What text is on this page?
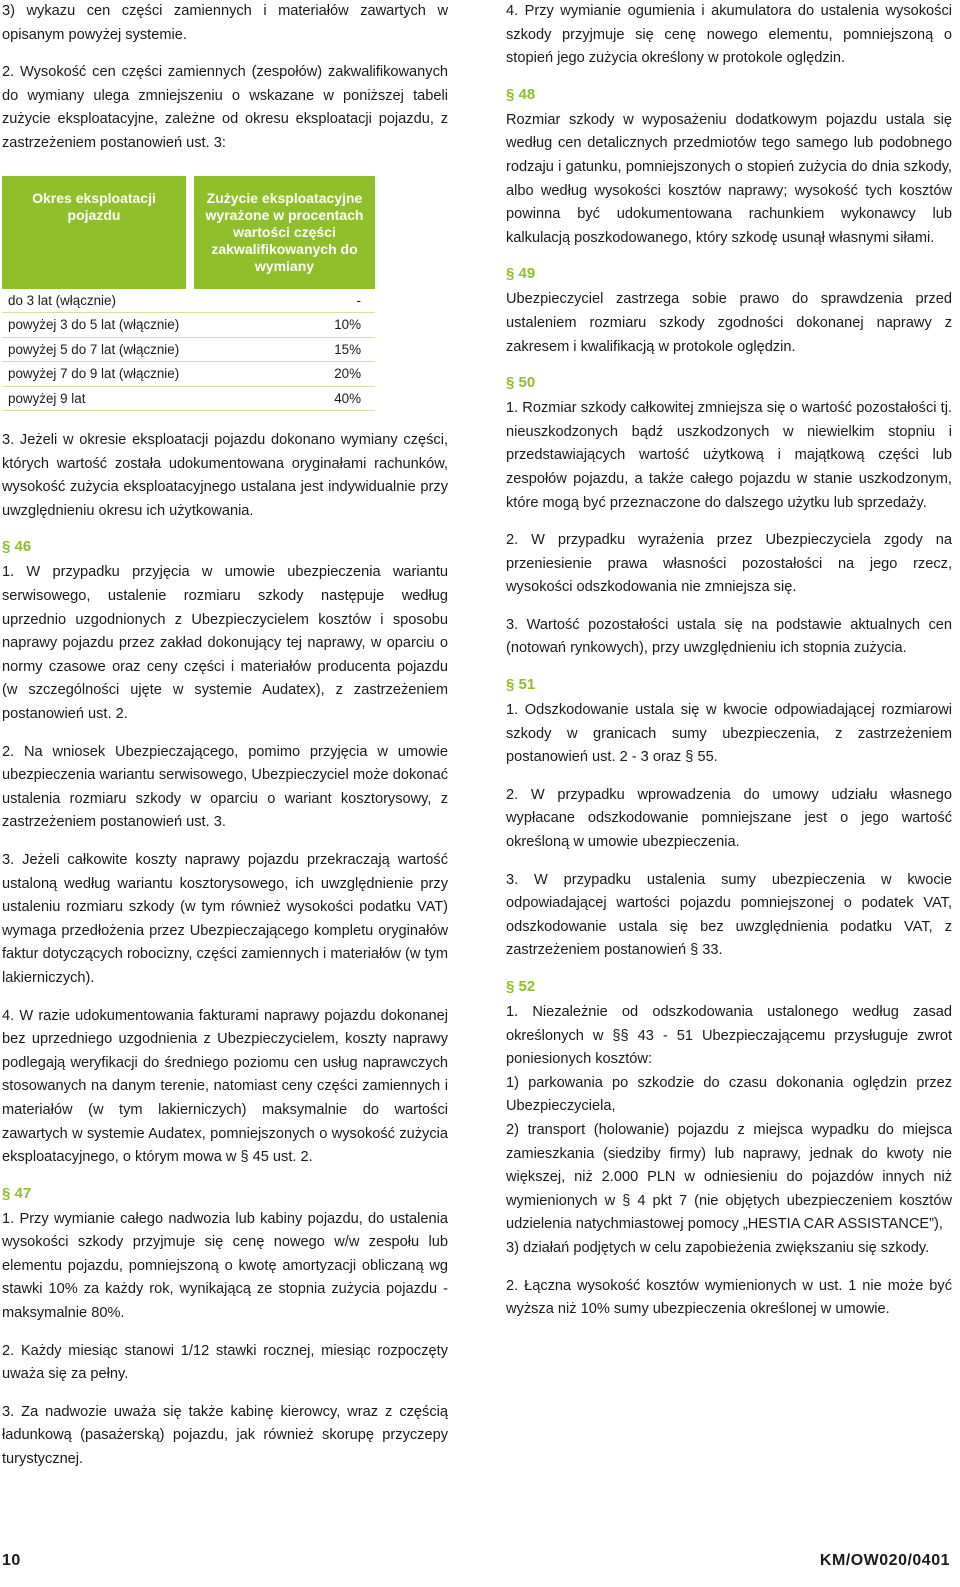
3) wykazu cen części zamiennych i materiałów zawartych w opisanym powyżej systemie.

2. Wysokość cen części zamiennych (zespołów) zakwalifikowanych do wymiany ulega zmniejszeniu o wskazane w poniższej tabeli zużycie eksploatacyjne, zależne od okresu eksploatacji pojazdu, z zastrzeżeniem postanowień ust. 3:

Okres eksploatacji pojazdu	Zużycie eksploatacyjne wyrażone w procentach wartości części zakwalifikowanych do wymiany
do 3 lat (włącznie)	-
powyżej 3 do 5 lat (włącznie)	10%
powyżej 5 do 7 lat (włącznie)	15%
powyżej 7 do 9 lat (włącznie)	20%
powyżej 9 lat	40%

3. Jeżeli w okresie eksploatacji pojazdu dokonano wymiany części, których wartość została udokumentowana oryginałami rachunków, wysokość zużycia eksploatacyjnego ustalana jest indywidualnie przy uwzględnieniu okresu ich użytkowania.

§ 46

1. W przypadku przyjęcia w umowie ubezpieczenia wariantu serwisowego, ustalenie rozmiaru szkody następuje według uprzednio uzgodnionych z Ubezpieczycielem kosztów i sposobu naprawy pojazdu przez zakład dokonujący tej naprawy, w oparciu o normy czasowe oraz ceny części i materiałów producenta pojazdu (w szczególności ujęte w systemie Audatex), z zastrzeżeniem postanowień ust. 2.

2. Na wniosek Ubezpieczającego, pomimo przyjęcia w umowie ubezpieczenia wariantu serwisowego, Ubezpieczyciel może dokonać ustalenia rozmiaru szkody w oparciu o wariant kosztorysowy, z zastrzeżeniem postanowień ust. 3.

3. Jeżeli całkowite koszty naprawy pojazdu przekraczają wartość ustaloną według wariantu kosztorysowego, ich uwzględnienie przy ustaleniu rozmiaru szkody (w tym również wysokości podatku VAT) wymaga przedłożenia przez Ubezpieczającego kompletu oryginałów faktur dotyczących robocizny, części zamiennych i materiałów (w tym lakierniczych).

4. W razie udokumentowania fakturami naprawy pojazdu dokonanej bez uprzedniego uzgodnienia z Ubezpieczycielem, koszty naprawy podlegają weryfikacji do średniego poziomu cen usług naprawczych stosowanych na danym terenie, natomiast ceny części zamiennych i materiałów (w tym lakierniczych) maksymalnie do wartości zawartych w systemie Audatex, pomniejszonych o wysokość zużycia eksploatacyjnego, o którym mowa w § 45 ust. 2.

§ 47

1. Przy wymianie całego nadwozia lub kabiny pojazdu, do ustalenia wysokości szkody przyjmuje się cenę nowego w/w zespołu lub elementu pojazdu, pomniejszoną o kwotę amortyzacji obliczaną wg stawki 10% za każdy rok, wynikającą ze stopnia zużycia pojazdu - maksymalnie 80%.

2. Każdy miesiąc stanowi 1/12 stawki rocznej, miesiąc rozpoczęty uważa się za pełny.

3. Za nadwozie uważa się także kabinę kierowcy, wraz z częścią ładunkową (pasażerską) pojazdu, jak również skorupę przyczepy turystycznej.

4. Przy wymianie ogumienia i akumulatora do ustalenia wysokości szkody przyjmuje się cenę nowego elementu, pomniejszoną o stopień jego zużycia określony w protokole oględzin.

§ 48

Rozmiar szkody w wyposażeniu dodatkowym pojazdu ustala się według cen detalicznych przedmiotów tego samego lub podobnego rodzaju i gatunku, pomniejszonych o stopień zużycia do dnia szkody, albo według wysokości kosztów naprawy; wysokość tych kosztów powinna być udokumentowana rachunkiem wykonawcy lub kalkulacją poszkodowanego, który szkodę usunął własnymi siłami.

§ 49

Ubezpieczyciel zastrzega sobie prawo do sprawdzenia przed ustaleniem rozmiaru szkody zgodności dokonanej naprawy z zakresem i kwalifikacją w protokole oględzin.

§ 50

1. Rozmiar szkody całkowitej zmniejsza się o wartość pozostałości tj. nieuszkodzonych bądź uszkodzonych w niewielkim stopniu i przedstawiających wartość użytkową i majątkową części lub zespołów pojazdu, a także całego pojazdu w stanie uszkodzonym, które mogą być przeznaczone do dalszego użytku lub sprzedaży.

2. W przypadku wyrażenia przez Ubezpieczyciela zgody na przeniesienie prawa własności pozostałości na jego rzecz, wysokości odszkodowania nie zmniejsza się.

3. Wartość pozostałości ustala się na podstawie aktualnych cen (notowań rynkowych), przy uwzględnieniu ich stopnia zużycia.

§ 51

1. Odszkodowanie ustala się w kwocie odpowiadającej rozmiarowi szkody w granicach sumy ubezpieczenia, z zastrzeżeniem postanowień ust. 2 - 3 oraz § 55.

2. W przypadku wprowadzenia do umowy udziału własnego wypłacane odszkodowanie pomniejszane jest o jego wartość określoną w umowie ubezpieczenia.

3. W przypadku ustalenia sumy ubezpieczenia w kwocie odpowiadającej wartości pojazdu pomniejszonej o podatek VAT, odszkodowanie ustala się bez uwzględnienia podatku VAT, z zastrzeżeniem postanowień § 33.

§ 52

1. Niezależnie od odszkodowania ustalonego według zasad określonych w §§ 43 - 51 Ubezpieczającemu przysługuje zwrot poniesionych kosztów:

1) parkowania po szkodzie do czasu dokonania oględzin przez Ubezpieczyciela,

2) transport (holowanie) pojazdu z miejsca wypadku do miejsca zamieszkania (siedziby firmy) lub naprawy, jednak do kwoty nie większej, niż 2.000 PLN w odniesieniu do pojazdów innych niż wymienionych w § 4 pkt 7 (nie objętych ubezpieczeniem kosztów udzielenia natychmiastowej pomocy „HESTIA CAR ASSISTANCE”),

3) działań podjętych w celu zapobieżenia zwiększaniu się szkody.

2. Łączna wysokość kosztów wymienionych w ust. 1 nie może być wyższa niż 10% sumy ubezpieczenia określonej w umowie.

10	KM/OW020/0401
